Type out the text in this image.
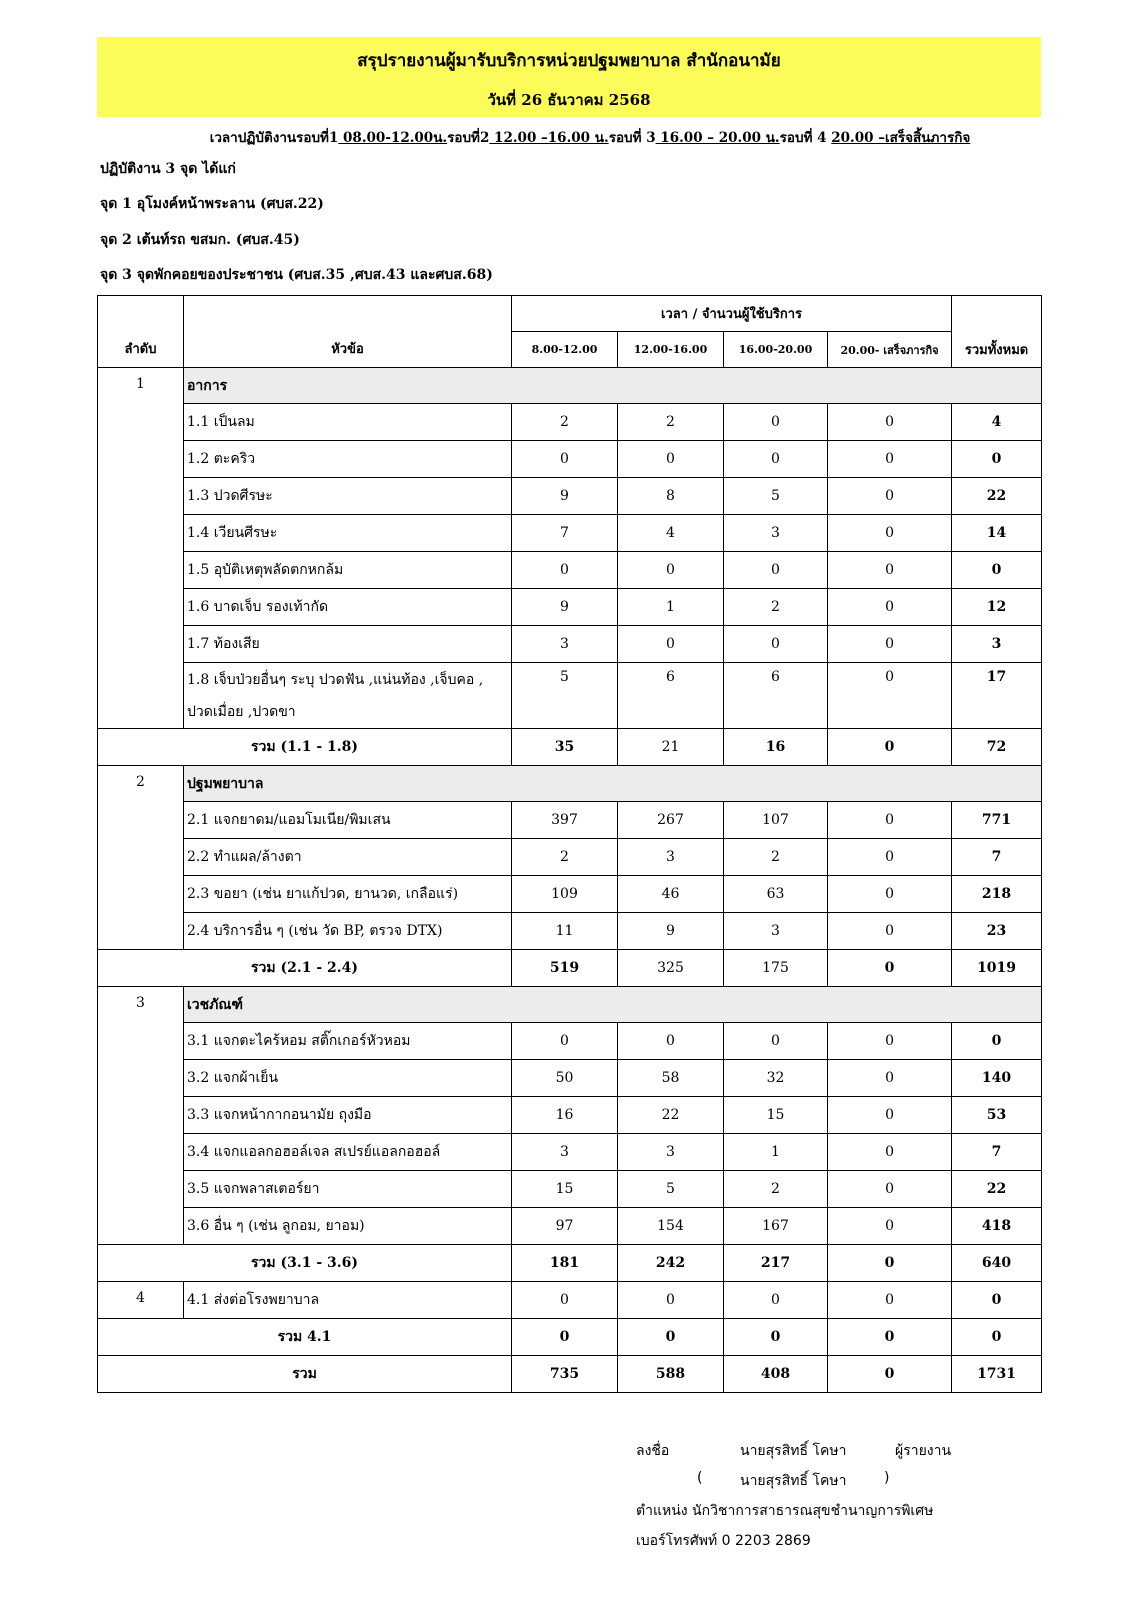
สรุปรายงานผู้มารับบริการหน่วยปฐมพยาบาล สำนักอนามัย
วันที่ 26 ธันวาคม 2568
เวลาปฏิบัติงานรอบที่1 08.00-12.00น.รอบที่2 12.00 –16.00 น.รอบที่ 3 16.00 – 20.00 น.รอบที่ 4 20.00 –เสร็จสิ้นภารกิจ
ปฏิบัติงาน 3 จุด ได้แก่
จุด 1 อุโมงค์หน้าพระลาน (ศบส.22)
จุด 2 เต้นท์รถ ขสมก. (ศบส.45)
จุด 3 จุดพักคอยของประชาชน (ศบส.35 ,ศบส.43 และศบส.68)
ลำดับ	หัวข้อ	เวลา / จำนวนผู้ใช้บริการ				
		8.00-12.00	12.00-16.00	16.00-20.00	20.00- เสร็จภารกิจ	รวมทั้งหมด
1	อาการ					

	1.1 เป็นลม	2	2	0	0	4

	1.2 ตะคริว	0	0	0	0	0

	1.3 ปวดศีรษะ	9	8	5	0	22

	1.4 เวียนศีรษะ	7	4	3	0	14

	1.5 อุบัติเหตุพลัดตกหกล้ม	0	0	0	0	0

	1.6 บาดเจ็บ รองเท้ากัด	9	1	2	0	12

	1.7 ท้องเสีย	3	0	0	0	3

	1.8 เจ็บป่วยอื่นๆ ระบุ ปวดฟัน ,แน่นท้อง ,เจ็บคอ ,
ปวดเมื่อย ,ปวดขา	5	6	6	0	17
รวม (1.1 - 1.8)		35	21	16	0	72
2	ปฐมพยาบาล					

	2.1 แจกยาดม/แอมโมเนีย/พิมเสน	397	267	107	0	771

	2.2 ทำแผล/ล้างตา	2	3	2	0	7

	2.3 ขอยา (เช่น ยาแก้ปวด, ยานวด, เกลือแร่)	109	46	63	0	218

	2.4 บริการอื่น ๆ (เช่น วัด BP, ตรวจ DTX)	11	9	3	0	23
รวม (2.1 - 2.4)		519	325	175	0	1019
3	เวชภัณฑ์					

	3.1 แจกตะไคร้หอม สติ๊กเกอร์หัวหอม	0	0	0	0	0

	3.2 แจกผ้าเย็น	50	58	32	0	140

	3.3 แจกหน้ากากอนามัย ถุงมือ	16	22	15	0	53

	3.4 แจกแอลกอฮอล์เจล สเปรย์แอลกอฮอล์	3	3	1	0	7

	3.5 แจกพลาสเตอร์ยา	15	5	2	0	22

	3.6 อื่น ๆ (เช่น ลูกอม, ยาอม)	97	154	167	0	418
รวม (3.1 - 3.6)		181	242	217	0	640
4	4.1 ส่งต่อโรงพยาบาล	0	0	0	0	0
รวม 4.1		0	0	0	0	0
รวม		735	588	408	0	1731
ลงชื่อ	นายสุรสิทธิ์ โคษา	ผู้รายงาน
(	นายสุรสิทธิ์ โคษา	)
ตำแหน่ง นักวิชาการสาธารณสุขชำนาญการพิเศษ
เบอร์โทรศัพท์ 0 2203 2869
